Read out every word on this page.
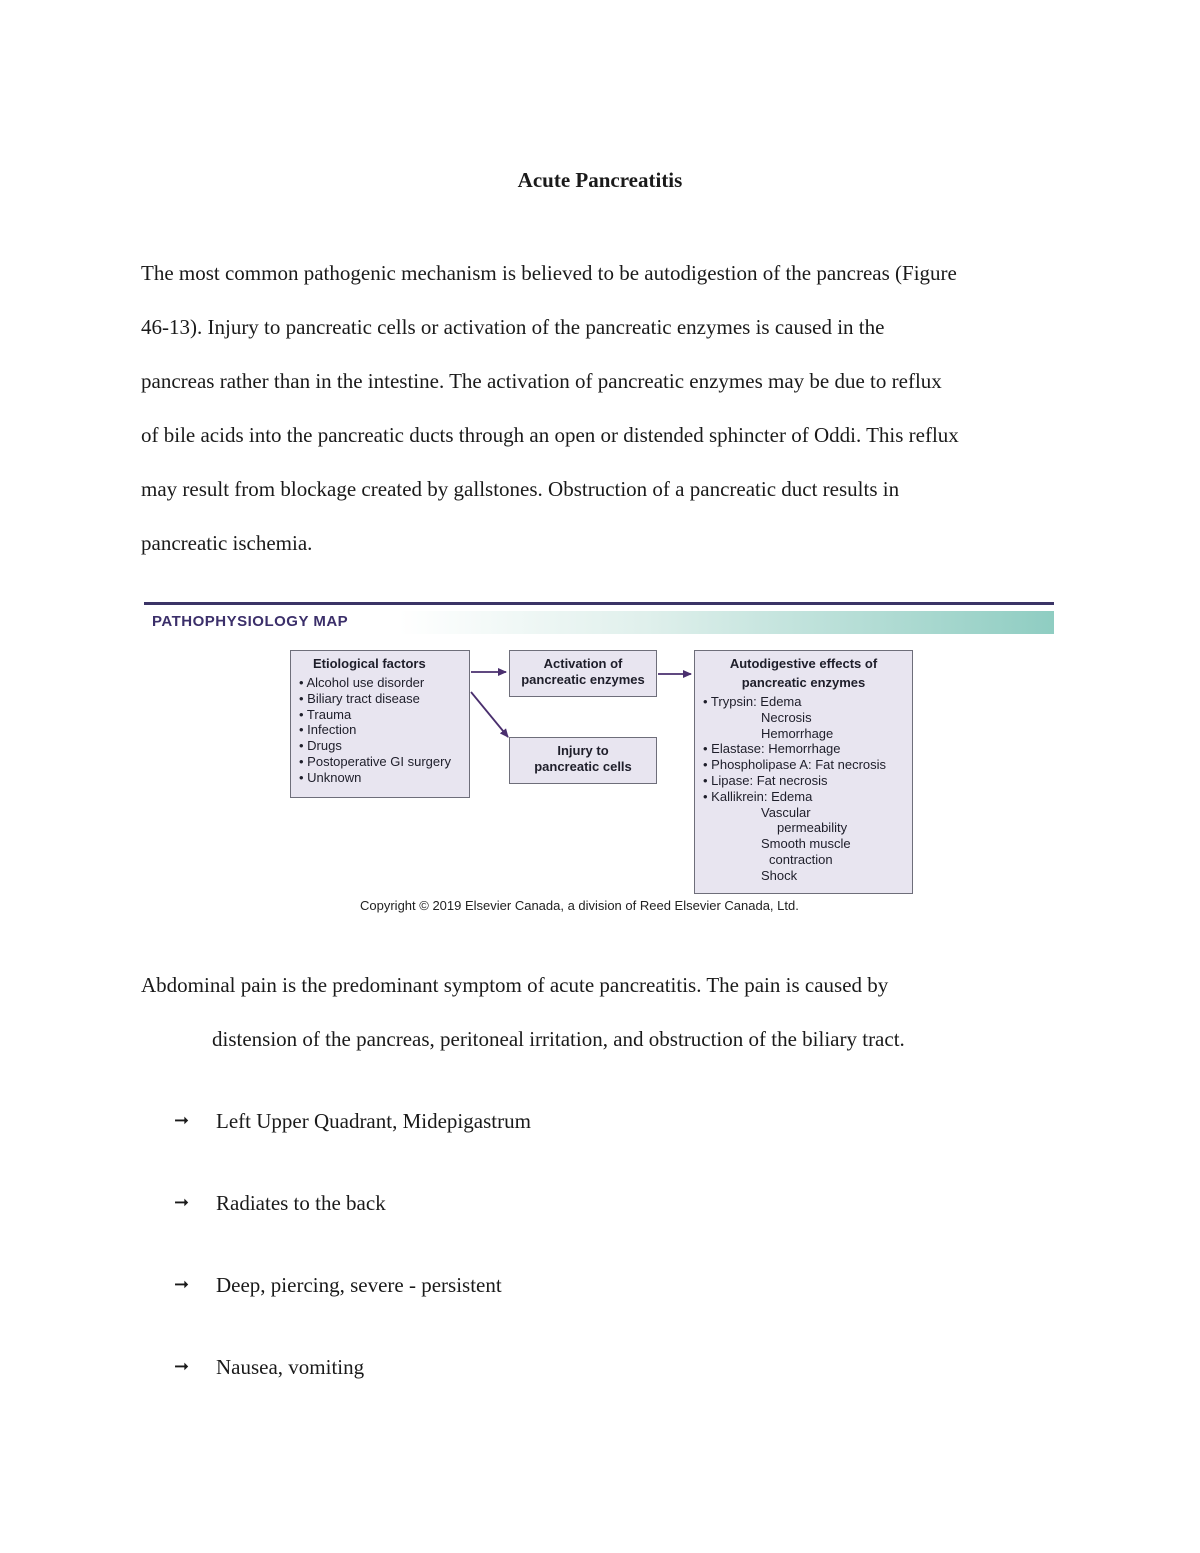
Acute Pancreatitis

The most common pathogenic mechanism is believed to be autodigestion of the pancreas (Figure
46-13). Injury to pancreatic cells or activation of the pancreatic enzymes is caused in the
pancreas rather than in the intestine. The activation of pancreatic enzymes may be due to reflux
of bile acids into the pancreatic ducts through an open or distended sphincter of Oddi. This reflux
may result from blockage created by gallstones. Obstruction of a pancreatic duct results in
pancreatic ischemia.

PATHOPHYSIOLOGY MAP
Etiological factors
• Alcohol use disorder
• Biliary tract disease
• Trauma
• Infection
• Drugs
• Postoperative GI surgery
• Unknown
Activation of
pancreatic enzymes
Injury to
pancreatic cells
Autodigestive effects of
pancreatic enzymes
• Trypsin: Edema
Necrosis
Hemorrhage
• Elastase: Hemorrhage
• Phospholipase A: Fat necrosis
• Lipase: Fat necrosis
• Kallikrein: Edema
Vascular
permeability
Smooth muscle
contraction
Shock
Copyright © 2019 Elsevier Canada, a division of Reed Elsevier Canada, Ltd.

Abdominal pain is the predominant symptom of acute pancreatitis. The pain is caused by
distension of the pancreas, peritoneal irritation, and obstruction of the biliary tract.

➞	Left Upper Quadrant, Midepigastrum
➞	Radiates to the back
➞	Deep, piercing, severe - persistent
➞	Nausea, vomiting
